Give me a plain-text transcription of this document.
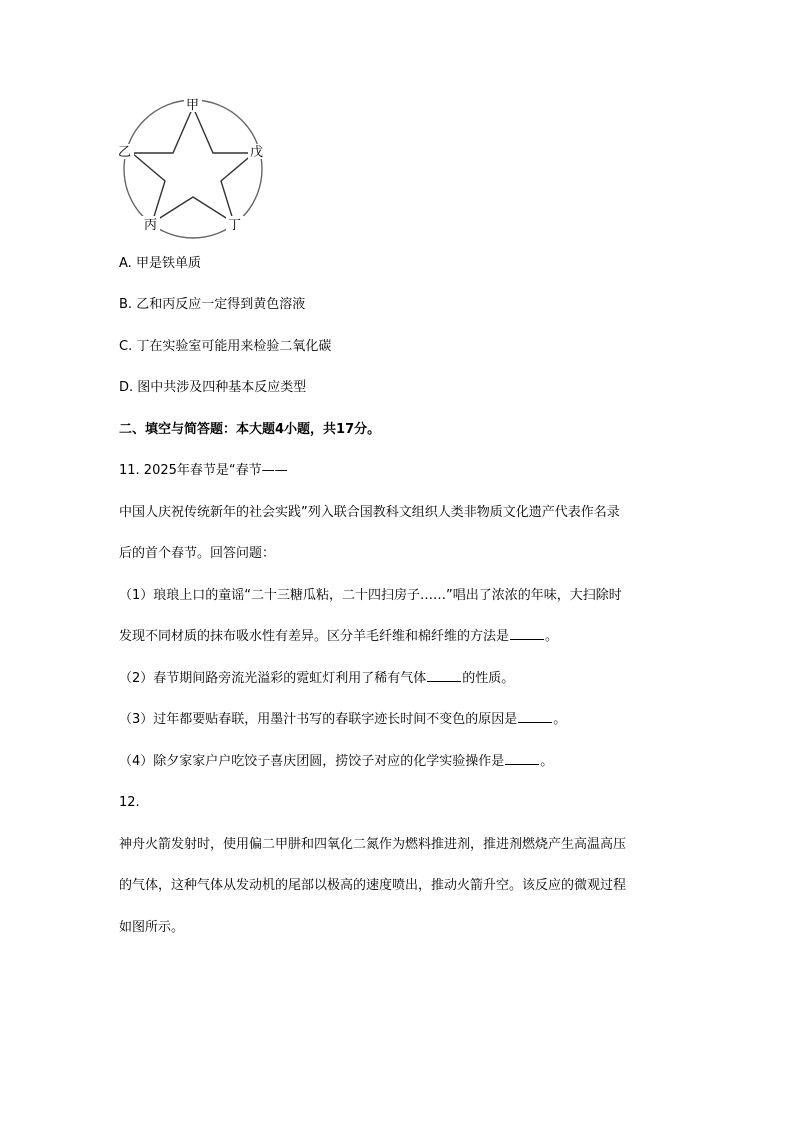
甲
戊
丁
丙
乙
A. 甲是铁单质
B. 乙和丙反应一定得到黄色溶液
C. 丁在实验室可能用来检验二氧化碳
D. 图中共涉及四种基本反应类型
二、填空与简答题：本大题4小题，共17分。
11. 2025年春节是“春节——
中国人庆祝传统新年的社会实践”列入联合国教科文组织人类非物质文化遗产代表作名录
后的首个春节。回答问题：
（1）琅琅上口的童谣“二十三糖瓜粘，二十四扫房子……”唱出了浓浓的年味，大扫除时
发现不同材质的抹布吸水性有差异。区分羊毛纤维和棉纤维的方法是	。
（2）春节期间路旁流光溢彩的霓虹灯利用了稀有气体	的性质。
（3）过年都要贴春联，用墨汁书写的春联字迹长时间不变色的原因是	。
（4）除夕家家户户吃饺子喜庆团圆，捞饺子对应的化学实验操作是	。
12.
神舟火箭发射时，使用偏二甲肼和四氧化二氮作为燃料推进剂，推进剂燃烧产生高温高压
的气体，这种气体从发动机的尾部以极高的速度喷出，推动火箭升空。该反应的微观过程
如图所示。
